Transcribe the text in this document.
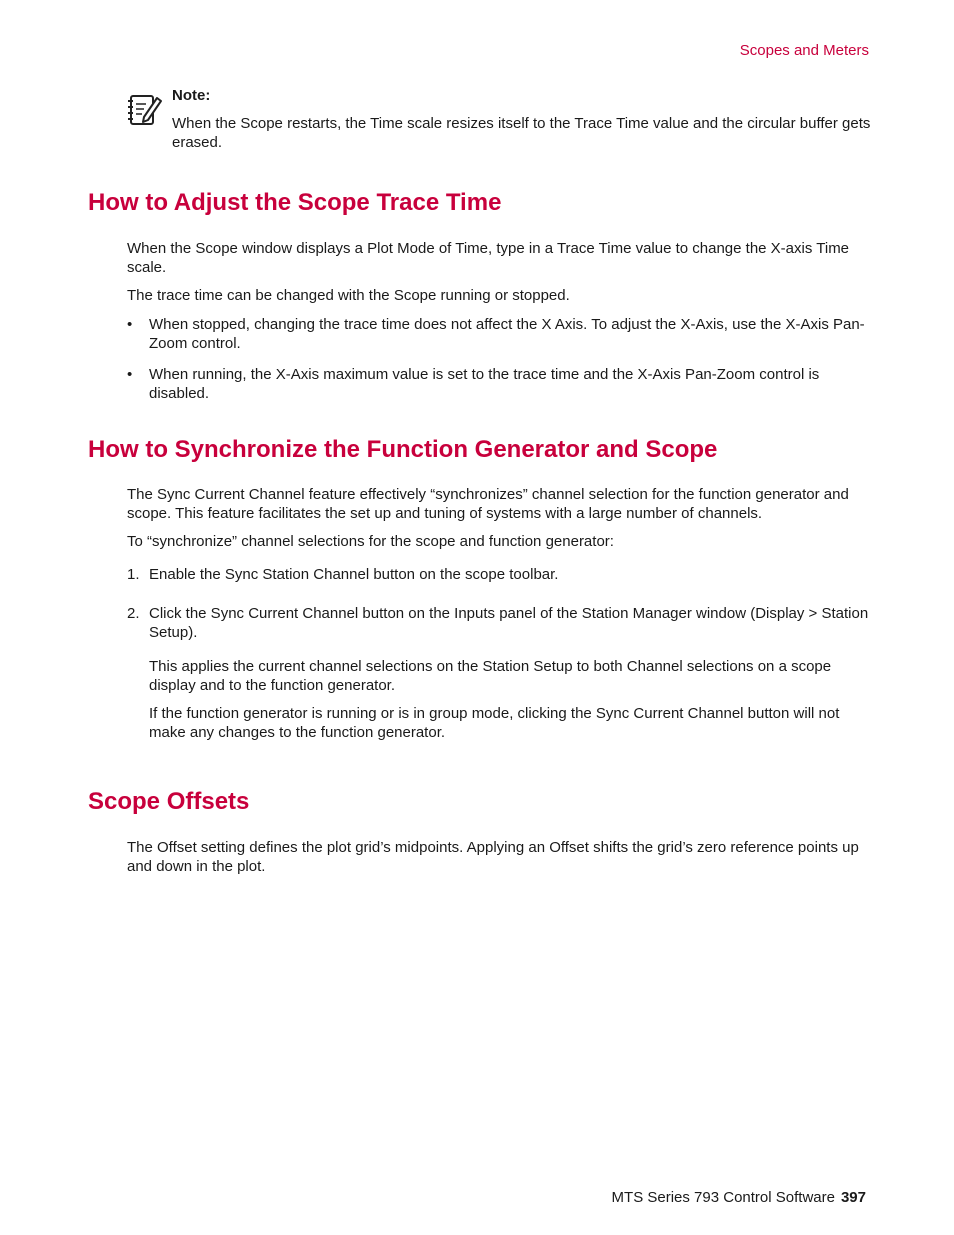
Scopes and Meters
Note:
When the Scope restarts, the Time scale resizes itself to the Trace Time value and the circular buffer gets erased.
How to Adjust the Scope Trace Time
When the Scope window displays a Plot Mode of Time, type in a Trace Time value to change the X-axis Time scale.
The trace time can be changed with the Scope running or stopped.
• When stopped, changing the trace time does not affect the X Axis. To adjust the X-Axis, use the X-Axis Pan-Zoom control.
• When running, the X-Axis maximum value is set to the trace time and the X-Axis Pan-Zoom control is disabled.
How to Synchronize the Function Generator and Scope
The Sync Current Channel feature effectively “synchronizes” channel selection for the function generator and scope. This feature facilitates the set up and tuning of systems with a large number of channels.
To “synchronize” channel selections for the scope and function generator:
1. Enable the Sync Station Channel button on the scope toolbar.
2. Click the Sync Current Channel button on the Inputs panel of the Station Manager window (Display > Station Setup).
This applies the current channel selections on the Station Setup to both Channel selections on a scope display and to the function generator.
If the function generator is running or is in group mode, clicking the Sync Current Channel button will not make any changes to the function generator.
Scope Offsets
The Offset setting defines the plot grid’s midpoints. Applying an Offset shifts the grid’s zero reference points up and down in the plot.
MTS Series 793 Control Software 397
